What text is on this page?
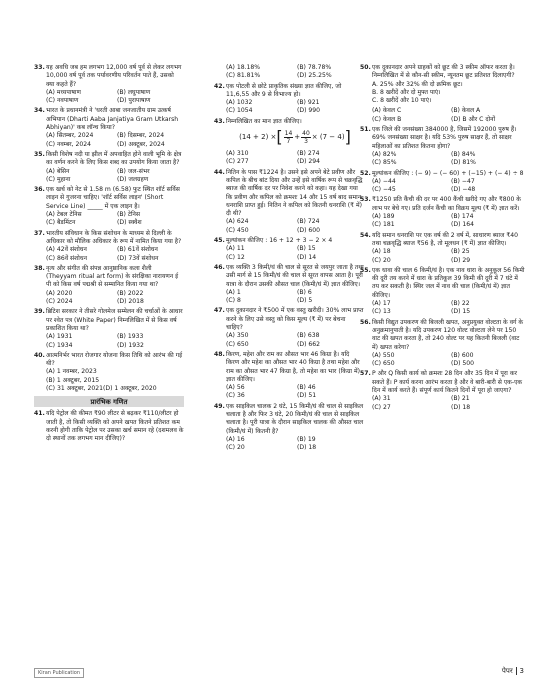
33. यह अवधि जब हम लगभग 12,000 वर्ष पूर्व से लेकर लगभग 10,000 वर्ष पूर्व तक पर्यावरणीय परिवर्तन पाते हैं, उसको क्या कहते हैं?
(A) मध्यपाषाण	(B) लघुपाषाण
(C) नवपाषाण	(D) पुरापाषाण
34. भारत के प्रधानमंत्री ने 'धरती आबा जनजातीय ग्राम उत्कर्ष अभियान (Dharti Aaba Janjatiya Gram Utkarsh Abhiyan)' कब लॉन्च किया?
(A) सितम्बर, 2024	(B) दिसम्बर, 2024
(C) नवम्बर, 2024	(D) अक्टूबर, 2024
35. किसी विशेष नदी या झील में अपवाहित होने वाली भूमि के क्षेत्र का वर्णन करने के लिए किस शब्द का उपयोग किया जाता है?
(A) बेसिन	(B) जल-संभर
(C) मुहाना	(D) जलग्रहण
36. एक खर्च को नेट से 1.58 m (6.58) फुट स्थित शॉर्ट सर्विस लाइन से गुजरना चाहिए। 'शॉर्ट सर्विस लाइन' (Short Service Line) _____ में एक लाइन है।
(A) टेबल टेनिस	(B) टेनिस
(C) बैडमिंटन	(D) स्क्वैश
37. भारतीय संविधान के किस संशोधन के माध्यम से दिल्ली के अधिकार को मौलिक अधिकार के रूप में नामित किया गया है?
(A) 42वें संशोधन	(B) 61वें संशोधन
(C) 86वें संशोधन	(D) 73वें संशोधन
38. नृत्य और संगीत की संपन्न आनुष्ठानिक कला शैली (Theyyam ritual art form) के संरक्षिका नारायणन ई पी को किस वर्ष पद्मश्री से सम्मानित किया गया था?
(A) 2020	(B) 2022
(C) 2024	(D) 2018
39. ब्रिटिश सरकार ने तीसरे गोलमेज सम्मेलन की चर्चाओं के आधार पर श्वेत पत्र (White Paper) निम्नलिखित में से किस वर्ष प्रकाशित किया था?
(A) 1931	(B) 1933
(C) 1934	(D) 1932
40. आत्मनिर्भर भारत रोजगार योजना किस तिथि को आरंभ की गई थी?
(A) 1 नवम्बर, 2023
(B) 1 अक्टूबर, 2015
(C) 31 अक्टूबर, 2021(D) 1 अक्टूबर, 2020
प्रारंभिक गणित
41. यदि पेट्रोल की कीमत ₹90 लीटर से बढ़कर ₹110/लीटर हो जाती है, तो किसी व्यक्ति को अपने खपत कितने प्रतिशत कम करनी होगी ताकि पेट्रोल पर उसका खर्च समान रहे (दशमलव के दो स्थानों तक लगभग मान दीजिए)?
(A) 18.18%	(B) 78.78%
(C) 81.81%	(D) 25.25%
42. एक पोटली से छोटे प्राकृतिक संख्या ज्ञात कीजिए, जो 11,6,55 और 9 से विभाज्य हो।
(A) 1032	(B) 921
(C) 1054	(D) 990
43. निम्नलिखित का मान ज्ञात कीजिए।
(14 + 2) × [ $\frac{14}{7} + \frac{40}{3} \times (7 - 4)$ ]
(A) 310	(B) 274
(C) 277	(D) 294
44. नितिन के पास ₹1224 है। उसने इसे अपने बेटे प्रवीण और कपिल के बीच बांट दिया और उन्हें इसे वार्षिक रूप से चक्रवृद्धि ब्याज की वार्षिक दर पर निवेश करने को कहा। यह देखा गया कि प्रवीण और कपिल को क्रमशः 14 और 15 वर्ष बाद समान धनराशि प्राप्त हुई। नितिन ने कपिल को कितनी धनराशि (₹ में) दी थी?
(A) 624	(B) 724
(C) 450	(D) 600
45. मूल्यांकन कीजिए : 16 + 12 + 3 − 2 × 4
(A) 11	(B) 15
(C) 12	(D) 14
46. एक व्यक्ति 3 किमी/घं की चाल से सूरत से जयपुर जाता है तथा उसी मार्ग से 15 किमी/घं की चाल से सूरत वापस आता है। पूरी यात्रा के दौरान उसकी औसत चाल (किमी/घं में) ज्ञात कीजिए।
(A) 1	(B) 6
(C) 8	(D) 5
47. एक दुकानदार ने ₹500 में एक वस्तु खरीदी। 30% लाभ प्राप्त करने के लिए उसे वस्तु को किस मूल्य (₹ में) पर बेचना चाहिए?
(A) 350	(B) 638
(C) 650	(D) 662
48. किरण, महेश और राम का औसत भार 46 किग्रा है। यदि किरण और महेश का औसत भार 40 किग्रा है तथा महेश और राम का औसत भार 47 किग्रा है, तो महेश का भार (किग्रा में) ज्ञात कीजिए।
(A) 56	(B) 46
(C) 36	(D) 51
49. एक साइकिल चालक 2 घंटे, 15 किमी/घं की चाल से साइकिल चलाता है और फिर 3 घंटे, 20 किमी/घं की चाल से साइकिल चलाता है। पूरी यात्रा के दौरान साइकिल चालक की औसत चाल (किमी/घं में) कितनी है?
(A) 16	(B) 19
(C) 20	(D) 18
50. एक दुकानदार अपने ग्राहकों को छूट की 3 स्कीम ऑफर करता है। निम्नलिखित में से कौन-सी स्कीम, न्यूनतम छूट प्रतिशत दिलाएगी?
A. 25% और 32% की दो क्रमिक छूट।
B. 8 खरीदें और दो मुफ्त पाएं।
C. 8 खरीदें और 10 पाएं।
(A) केवल C	(B) केवल A
(C) केवल B	(D) B और C दोनों
51. एक जिले की जनसंख्या 384000 है, जिसमें 192000 पुरुष हैं। 69% जनसंख्या साक्षर है। यदि 53% पुरुष साक्षर हैं, तो साक्षर महिलाओं का प्रतिशत कितना होगा?
(A) 82%	(B) 84%
(C) 85%	(D) 81%
52. मूल्यांकन कीजिए : (− 9) − (− 60) + (−15) + (− 4) ÷ 8
(A) −44	(B) −47
(C) −45	(D) −48
53. ₹1250 प्रति कैंची की दर पर 400 कैंची खरीदे गए और ₹800 के लाभ पर बेचे गए। प्रति दर्जन कैंची का विक्रय मूल्य (₹ में) ज्ञात करें।
(A) 189	(B) 174
(C) 181	(D) 164
54. यदि समान धनराशि पर एक वर्ष की 2 वर्ष में, साधारण ब्याज ₹40 तथा चक्रवृद्धि ब्याज ₹56 है, तो मूलधन (₹ में) ज्ञात कीजिए।
(A) 18	(B) 25
(C) 20	(D) 29
55. एक धावा की चाल 6 किमी/घं है। एक नाव धारा के अनुकूल 56 किमी की दूरी तय करने में धारा के प्रतिकूल 39 किमी की दूरी में 7 घंटे में तय कर सकती है। स्थिर जल में नाव की चाल (किमी/घं में) ज्ञात कीजिए।
(A) 17	(B) 22
(C) 13	(D) 15
56. किसी विद्युत उपकरण की बिजली खपत, अनुप्रयुक्त वोल्टता के वर्ग के अनुक्रमानुपाती है। यदि उपकरण 120 वोल्ट वोल्टता लेने पर 150 वाट की खपत करता है, तो 240 वोल्ट पर यह कितनी बिजली (वाट में) खपत करेगा?
(A) 550	(B) 600
(C) 650	(D) 500
57. P और Q किसी कार्य को क्रमशः 28 दिन और 35 दिन में पूरा कर सकते हैं। P कार्य करना आरंभ करता है और वे बारी-बारी से एक-एक दिन में कार्य करते हैं। संपूर्ण कार्य कितने दिनों में पूरा हो जाएगा?
(A) 31	(B) 21
(C) 27	(D) 18
Kiran Publication	पेपर 3
